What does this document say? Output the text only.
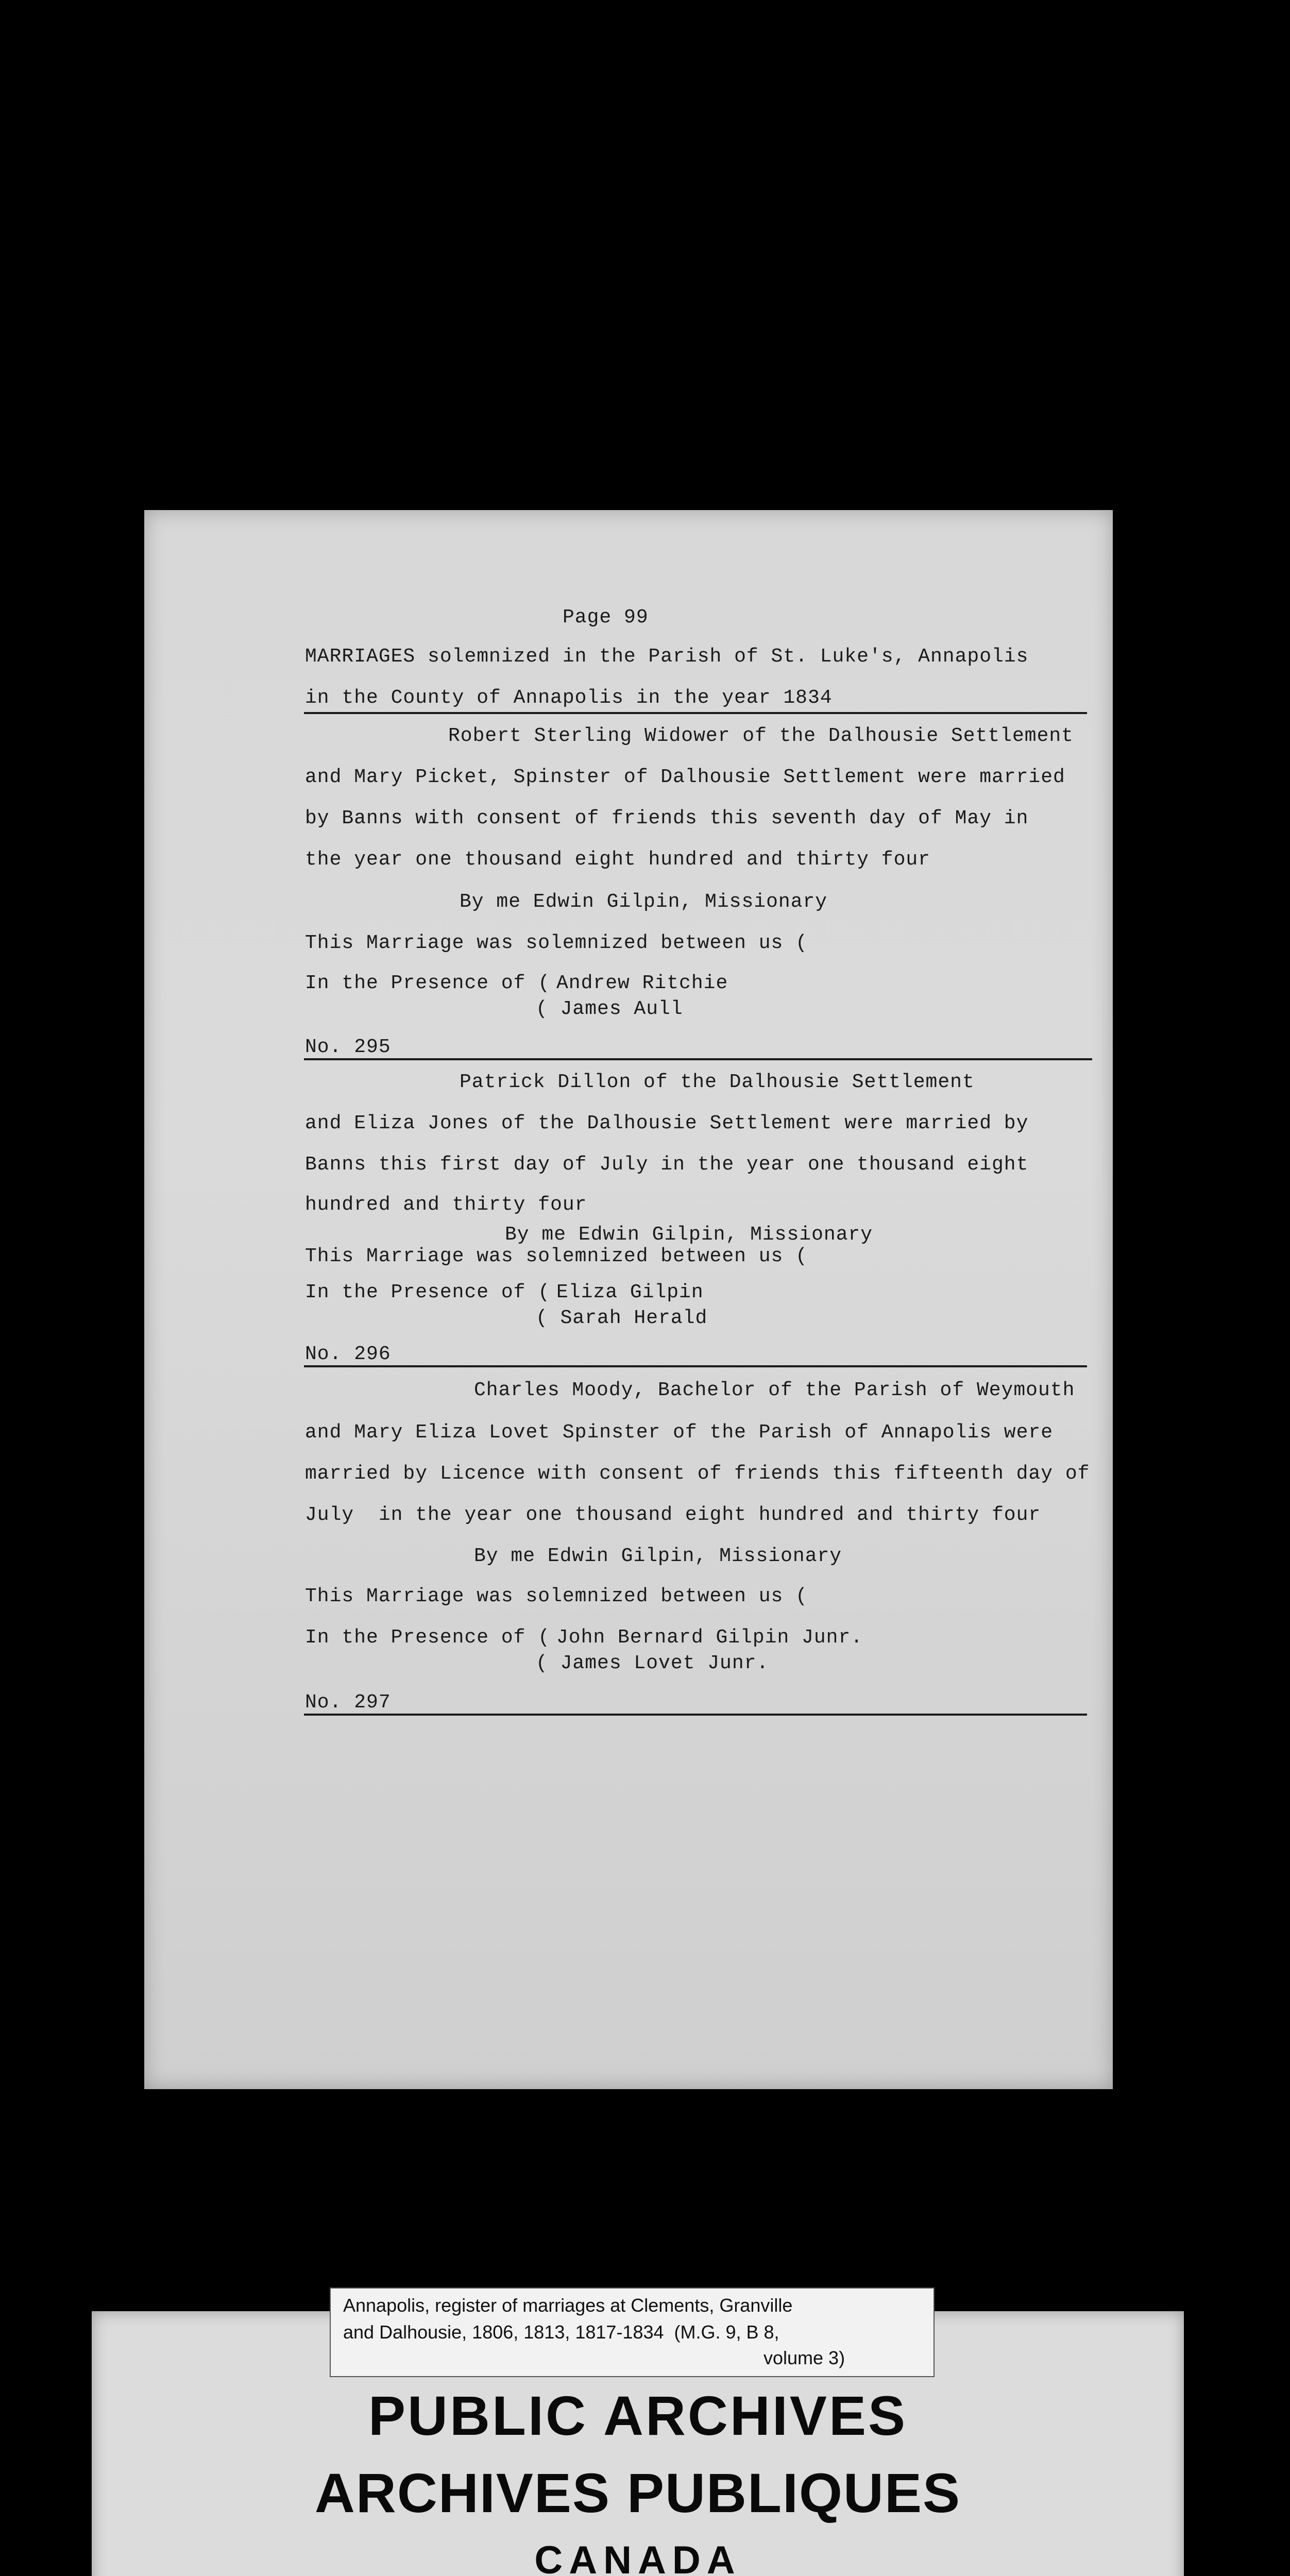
Page 99
MARRIAGES solemnized in the Parish of St. Luke's, Annapolis
in the County of Annapolis in the year 1834
Robert Sterling Widower of the Dalhousie Settlement
and Mary Picket, Spinster of Dalhousie Settlement were married
by Banns with consent of friends this seventh day of May in
the year one thousand eight hundred and thirty four
By me Edwin Gilpin, Missionary
This Marriage was solemnized between us (
In the Presence of ( Andrew Ritchie
( James Aull
No. 295
Patrick Dillon of the Dalhousie Settlement
and Eliza Jones of the Dalhousie Settlement were married by
Banns this first day of July in the year one thousand eight
hundred and thirty four
By me Edwin Gilpin, Missionary
This Marriage was solemnized between us (
In the Presence of ( Eliza Gilpin
( Sarah Herald
No. 296
Charles Moody, Bachelor of the Parish of Weymouth
and Mary Eliza Lovet Spinster of the Parish of Annapolis were
married by Licence with consent of friends this fifteenth day of
July  in the year one thousand eight hundred and thirty four
By me Edwin Gilpin, Missionary
This Marriage was solemnized between us (
In the Presence of ( John Bernard Gilpin Junr.
( James Lovet Junr.
No. 297
PUBLIC ARCHIVES
ARCHIVES PUBLIQUES
CANADA
Annapolis, register of marriages at Clements, Granville
and Dalhousie, 1806, 1813, 1817-1834  (M.G. 9, B 8,
volume 3)
